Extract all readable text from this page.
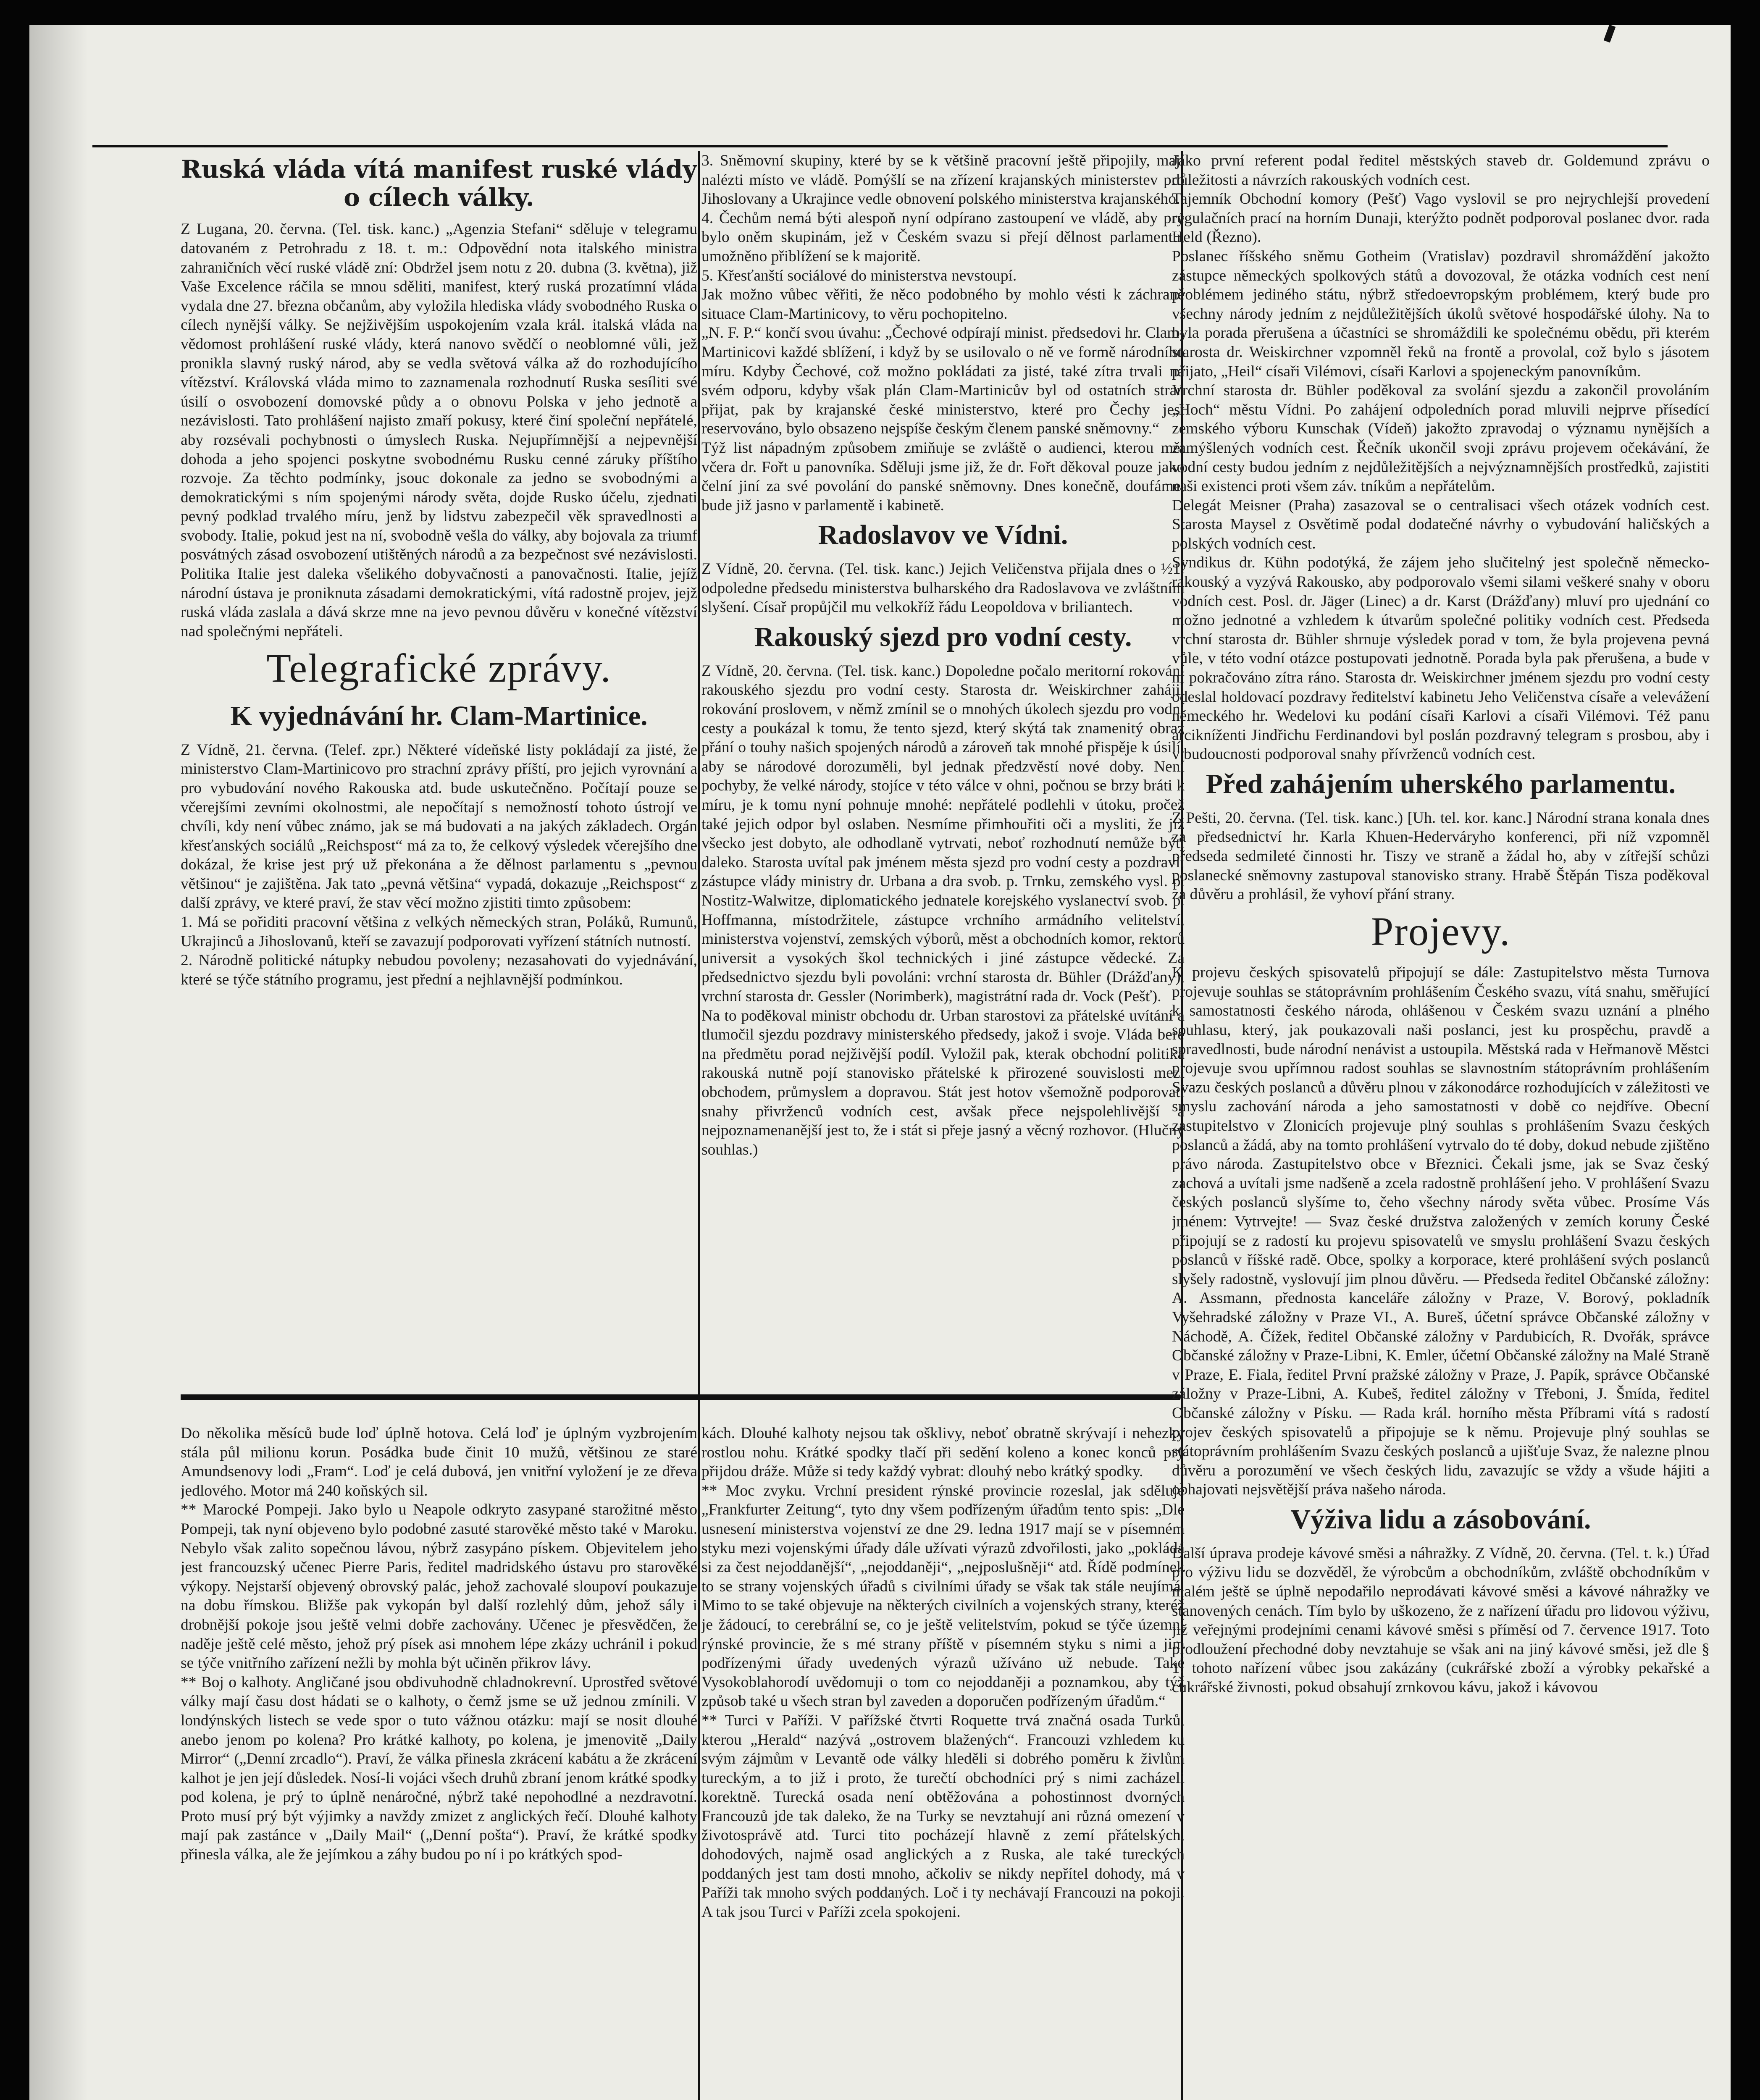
Ruská vláda vítá manifest ruské vlády o cílech války.

Z Lugana, 20. června. (Tel. tisk. kanc.) „Agenzia Stefani“ sděluje v telegramu datovaném z Petrohradu z 18. t. m.: Odpovědní nota italského ministra zahraničních věcí ruské vládě zní: Obdržel jsem notu z 20. dubna (3. května), již Vaše Excelence ráčila se mnou sděliti, manifest, který ruská prozatímní vláda vydala dne 27. března občanům, aby vyložila hlediska vlády svobodného Ruska o cílech nynější války. Se nejživějším uspokojením vzala král. italská vláda na vědomost prohlášení ruské vlády, která nanovo svědčí o neoblomné vůli, jež pronikla slavný ruský národ, aby se vedla světová válka až do rozhodujícího vítězství. Královská vláda mimo to zaznamenala rozhodnutí Ruska sesíliti své úsilí o osvobození domovské půdy a o obnovu Polska v jeho jednotě a nezávislosti. Tato prohlášení najisto zmaří pokusy, které činí společní nepřátelé, aby rozsévali pochybnosti o úmyslech Ruska. Nejupřímnější a nejpevnější dohoda a jeho spojenci poskytne svobodnému Rusku cenné záruky příštího rozvoje. Za těchto podmínky, jsouc dokonale za jedno se svobodnými a demokratickými s ním spojenými národy světa, dojde Rusko účelu, zjednati pevný podklad trvalého míru, jenž by lidstvu zabezpečil věk spravedlnosti a svobody. Italie, pokud jest na ní, svobodně vešla do války, aby bojovala za triumf posvátných zásad osvobození utištěných národů a za bezpečnost své nezávislosti. Politika Italie jest daleka všelikého dobyvačnosti a panovačnosti. Italie, jejíž národní ústava je proniknuta zásadami demokratickými, vítá radostně projev, jejž ruská vláda zaslala a dává skrze mne na jevo pevnou důvěru v konečné vítězství nad společnými nepřáteli.

Telegrafické zprávy.
K vyjednávání hr. Clam-Martinice.

Z Vídně, 21. června. (Telef. zpr.) Některé vídeňské listy pokládají za jisté, že ministerstvo Clam-Martinicovo pro strachní zprávy příští, pro jejich vyrovnání a pro vybudování nového Rakouska atd. bude uskutečněno. Počítají pouze se včerejšími zevními okolnostmi, ale nepočítají s nemožností tohoto ústrojí ve chvíli, kdy není vůbec známo, jak se má budovati a na jakých základech. Orgán křesťanských sociálů „Reichspost“ má za to, že celkový výsledek včerejšího dne dokázal, že krise jest prý už překonána a že dělnost parlamentu s „pevnou většinou“ je zajištěna. Jak tato „pevná většina“ vypadá, dokazuje „Reichspost“ z další zprávy, ve které praví, že stav věcí možno zjistiti timto způsobem:
1. Má se pořiditi pracovní většina z velkých německých stran, Poláků, Rumunů, Ukrajinců a Jihoslovanů, kteří se zavazují podporovati vyřízení státních nutností.
2. Národně politické nátupky nebudou povoleny; nezasahovati do vyjednávání, které se týče státního programu, jest přední a nejhlavnější podmínkou.

3. Sněmovní skupiny, které by se k většině pracovní ještě připojily, mají nalézti místo ve vládě. Pomýšlí se na zřízení krajanských ministerstev pro Jihoslovany a Ukrajince vedle obnovení polského ministerstva krajanského.
4. Čechům nemá býti alespoň nyní odpírano zastoupení ve vládě, aby prý bylo oněm skupinám, jež v Českém svazu si přejí dělnost parlamentu, umožněno přiblížení se k majoritě.
5. Křesťanští sociálové do ministerstva nevstoupí.
Jak možno vůbec věřiti, že něco podobného by mohlo vésti k záchraně situace Clam-Martinicovy, to věru pochopitelno.
„N. F. P.“ končí svou úvahu: „Čechové odpírají minist. předsedovi hr. Clam-Martinicovi každé sblížení, i když by se usilovalo o ně ve formě národního míru. Kdyby Čechové, což možno pokládati za jisté, také zítra trvali na svém odporu, kdyby však plán Clam-Martinicův byl od ostatních stran přijat, pak by krajanské české ministerstvo, které pro Čechy jest reservováno, bylo obsazeno nejspíše českým členem panské sněmovny.“
Týž list nápadným způsobem zmiňuje se zvláště o audienci, kterou měl včera dr. Fořt u panovníka. Sděluji jsme již, že dr. Fořt děkoval pouze jako čelní jiní za své povolání do panské sněmovny. Dnes konečně, doufáme, bude již jasno v parlamentě i kabinetě.

Radoslavov ve Vídni.

Z Vídně, 20. června. (Tel. tisk. kanc.) Jejich Veličenstva přijala dnes o ½1. odpoledne předsedu ministerstva bulharského dra Radoslavova ve zvláštním slyšení. Císař propůjčil mu velkokříž řádu Leopoldova v briliantech.

Rakouský sjezd pro vodní cesty.

Z Vídně, 20. června. (Tel. tisk. kanc.) Dopoledne počalo meritorní rokování rakouského sjezdu pro vodní cesty. Starosta dr. Weiskirchner zahájil rokování proslovem, v němž zmínil se o mnohých úkolech sjezdu pro vodní cesty a poukázal k tomu, že tento sjezd, který skýtá tak znamenitý obraz přání o touhy našich spojených národů a zároveň tak mnohé přispěje k úsilí, aby se národové dorozuměli, byl jednak předzvěstí nové doby. Není pochyby, že velké národy, stojíce v této válce v ohni, počnou se brzy bráti k míru, je k tomu nyní pohnuje mnohé: nepřátelé podlehli v útoku, pročež také jejich odpor byl oslaben. Nesmíme přimhouřiti oči a mysliti, že již všecko jest dobyto, ale odhodlaně vytrvati, neboť rozhodnutí nemůže býti daleko. Starosta uvítal pak jménem města sjezd pro vodní cesty a pozdravil zástupce vlády ministry dr. Urbana a dra svob. p. Trnku, zemského vysl. p. Nostitz-Walwitze, diplomatického jednatele korejského vyslanectví svob. p. Hoffmanna, místodržitele, zástupce vrchního armádního velitelství, ministerstva vojenství, zemských výborů, měst a obchodních komor, rektorů universit a vysokých škol technických i jiné zástupce vědecké. Za předsednictvo sjezdu byli povoláni: vrchní starosta dr. Bühler (Drážďany), vrchní starosta dr. Gessler (Norimberk), magistrátní rada dr. Vock (Pešť).
Na to poděkoval ministr obchodu dr. Urban starostovi za přátelské uvítání a tlumočil sjezdu pozdravy ministerského předsedy, jakož i svoje. Vláda bere na předmětu porad nejživější podíl. Vyložil pak, kterak obchodní politika rakouská nutně pojí stanovisko přátelské k přirozené souvislosti mezi obchodem, průmyslem a dopravou. Stát jest hotov všemožně podporovati snahy přivrženců vodních cest, avšak přece nejspolehlivější a nejpoznamenanější jest to, že i stát si přeje jasný a věcný rozhovor. (Hlučný souhlas.)

Jako první referent podal ředitel městských staveb dr. Goldemund zprávu o důležitosti a návrzích rakouských vodních cest.
Tajemník Obchodní komory (Pešť) Vago vyslovil se pro nejrychlejší provedení regulačních prací na horním Dunaji, kterýžto podnět podporoval poslanec dvor. rada Held (Řezno).
Poslanec říšského sněmu Gotheim (Vratislav) pozdravil shromáždění jakožto zástupce německých spolkových států a dovozoval, že otázka vodních cest není problémem jediného státu, nýbrž středoevropským problémem, který bude pro všechny národy jedním z nejdůležitějších úkolů světové hospodářské úlohy. Na to byla porada přerušena a účastníci se shromáždili ke společnému obědu, při kterém starosta dr. Weiskirchner vzpomněl řeků na frontě a provolal, což bylo s jásotem přijato, „Heil“ císaři Vilémovi, císaři Karlovi a spojeneckým panovníkům.
Vrchní starosta dr. Bühler poděkoval za svolání sjezdu a zakončil provoláním „Hoch“ městu Vídni. Po zahájení odpoledních porad mluvili nejprve přísedící zemského výboru Kunschak (Vídeň) jakožto zpravodaj o významu nynějších a zamýšlených vodních cest. Řečník ukončil svoji zprávu projevem očekávání, že vodní cesty budou jedním z nejdůležitějších a nejvýznamnějších prostředků, zajistiti naši existenci proti všem záv. tníkům a nepřátelům.
Delegát Meisner (Praha) zasazoval se o centralisaci všech otázek vodních cest. Starosta Maysel z Osvětimě podal dodatečné návrhy o vybudování haličských a polských vodních cest.
Syndikus dr. Kühn podotýká, že zájem jeho slučitelný jest společně německo-rakouský a vyzývá Rakousko, aby podporovalo všemi silami veškeré snahy v oboru vodních cest. Posl. dr. Jäger (Linec) a dr. Karst (Drážďany) mluví pro ujednání co možno jednotné a vzhledem k útvarům společné politiky vodních cest. Předseda vrchní starosta dr. Bühler shrnuje výsledek porad v tom, že byla projevena pevná vůle, v této vodní otázce postupovati jednotně. Porada byla pak přerušena, a bude v ní pokračováno zítra ráno. Starosta dr. Weiskirchner jménem sjezdu pro vodní cesty odeslal holdovací pozdravy ředitelství kabinetu Jeho Veličenstva císaře a velevážení německého hr. Wedelovi ku podání císaři Karlovi a císaři Vilémovi. Též panu arcikníženti Jindřichu Ferdinandovi byl poslán pozdravný telegram s prosbou, aby i v budoucnosti podporoval snahy přívrženců vodních cest.

Před zahájením uherského parlamentu.

Z Pešti, 20. června. (Tel. tisk. kanc.) [Uh. tel. kor. kanc.] Národní strana konala dnes za předsednictví hr. Karla Khuen-Hederváryho konferenci, při níž vzpomněl předseda sedmileté činnosti hr. Tiszy ve straně a žádal ho, aby v zítřejší schůzi poslanecké sněmovny zastupoval stanovisko strany. Hrabě Štěpán Tisza poděkoval za důvěru a prohlásil, že vyhoví přání strany.

Projevy.

K projevu českých spisovatelů připojují se dále: Zastupitelstvo města Turnova projevuje souhlas se státoprávním prohlášením Českého svazu, vítá snahu, směřující k samostatnosti českého národa, ohlášenou v Českém svazu uznání a plného souhlasu, který, jak poukazovali naši poslanci, jest ku prospěchu, pravdě a spravedlnosti, bude národní nenávist a ustoupila. Městská rada v Heřmanově Městci projevuje svou upřímnou radost souhlas se slavnostním státoprávním prohlášením Svazu českých poslanců a důvěru plnou v zákonodárce rozhodujících v záležitosti ve smyslu zachování národa a jeho samostatnosti v době co nejdříve. Obecní zastupitelstvo v Zlonicích projevuje plný souhlas s prohlášením Svazu českých poslanců a žádá, aby na tomto prohlášení vytrvalo do té doby, dokud nebude zjištěno právo národa. Zastupitelstvo obce v Březnici. Čekali jsme, jak se Svaz český zachová a uvítali jsme nadšeně a zcela radostně prohlášení jeho. V prohlášení Svazu českých poslanců slyšíme to, čeho všechny národy světa vůbec. Prosíme Vás jménem: Vytrvejte! — Svaz české družstva založených v zemích koruny České připojují se z radostí ku projevu spisovatelů ve smyslu prohlášení Svazu českých poslanců v říšské radě. Obce, spolky a korporace, které prohlášení svých poslanců slyšely radostně, vyslovují jim plnou důvěru. — Předseda ředitel Občanské záložny: A. Assmann, přednosta kanceláře záložny v Praze, V. Borový, pokladník Vyšehradské záložny v Praze VI., A. Bureš, účetní správce Občanské záložny v Náchodě, A. Čížek, ředitel Občanské záložny v Pardubicích, R. Dvořák, správce Občanské záložny v Praze-Libni, K. Emler, účetní Občanské záložny na Malé Straně v Praze, E. Fiala, ředitel První pražské záložny v Praze, J. Papík, správce Občanské záložny v Praze-Libni, A. Kubeš, ředitel záložny v Třeboni, J. Šmída, ředitel Občanské záložny v Písku. — Rada král. horního města Příbrami vítá s radostí projev českých spisovatelů a připojuje se k němu. Projevuje plný souhlas se státoprávním prohlášením Svazu českých poslanců a ujišťuje Svaz, že nalezne plnou důvěru a porozumění ve všech českých lidu, zavazujíc se vždy a všude hájiti a obhajovati nejsvětější práva našeho národa.

Výživa lidu a zásobování.

Další úprava prodeje kávové směsi a náhražky. Z Vídně, 20. června. (Tel. t. k.) Úřad pro výživu lidu se dozvěděl, že výrobcům a obchodníkům, zvláště obchodníkům v malém ještě se úplně nepodařilo neprodávati kávové směsi a kávové náhražky ve stanovených cenách. Tím bylo by uškozeno, že z nařízení úřadu pro lidovou výživu, již veřejnými prodejními cenami kávové směsi s příměsí od 7. července 1917. Toto prodloužení přechodné doby nevztahuje se však ani na jiný kávové směsi, jež dle § 1. tohoto nařízení vůbec jsou zakázány (cukrářské zboží a výrobky pekařské a cukrářské živnosti, pokud obsahují zrnkovou kávu, jakož i kávovou

Do několika měsíců bude loď úplně hotova. Celá loď je úplným vyzbrojením stála půl milionu korun. Posádka bude činit 10 mužů, většinou ze staré Amundsenovy lodi „Fram“. Loď je celá dubová, jen vnitřní vyložení je ze dřeva jedlového. Motor má 240 koňských sil.
** Marocké Pompeji. Jako bylo u Neapole odkryto zasypané starožitné město Pompeji, tak nyní objeveno bylo podobné zasuté starověké město také v Maroku. Nebylo však zalito sopečnou lávou, nýbrž zasypáno pískem. Objevitelem jeho jest francouzský učenec Pierre Paris, ředitel madridského ústavu pro starověké výkopy. Nejstarší objevený obrovský palác, jehož zachovalé sloupoví poukazuje na dobu římskou. Bližše pak vykopán byl další rozlehlý dům, jehož sály i drobnější pokoje jsou ještě velmi dobře zachovány. Učenec je přesvědčen, že naděje ještě celé město, jehož prý písek asi mnohem lépe zkázy uchránil i pokud se týče vnitřního zařízení nežli by mohla být učiněn přikrov lávy.
** Boj o kalhoty. Angličané jsou obdivuhodně chladnokrevní. Uprostřed světové války mají času dost hádati se o kalhoty, o čemž jsme se už jednou zmínili. V londýnských listech se vede spor o tuto vážnou otázku: mají se nosit dlouhé anebo jenom po kolena? Pro krátké kalhoty, po kolena, je jmenovitě „Daily Mirror“ („Denní zrcadlo“). Praví, že válka přinesla zkrácení kabátu a že zkrácení kalhot je jen její důsledek. Nosí-li vojáci všech druhů zbraní jenom krátké spodky pod kolena, je prý to úplně nenáročné, nýbrž také nepohodlné a nezdravotní. Proto musí prý být výjimky a navždy zmizet z anglických řečí. Dlouhé kalhoty mají pak zastánce v „Daily Mail“ („Denní pošta“). Praví, že krátké spodky přinesla válka, ale že jejímkou a záhy budou po ní i po krátkých spod-

kách. Dlouhé kalhoty nejsou tak ošklivy, neboť obratně skrývají i nehezky rostlou nohu. Krátké spodky tlačí při sedění koleno a konec konců prý přijdou dráže. Může si tedy každý vybrat: dlouhý nebo krátký spodky.
** Moc zvyku. Vrchní president rýnské provincie rozeslal, jak sděluje „Frankfurter Zeitung“, tyto dny všem podřízeným úřadům tento spis: „Dle usnesení ministerstva vojenství ze dne 29. ledna 1917 mají se v písemném styku mezi vojenskými úřady dále užívati výrazů zdvořilosti, jako „pokládá si za čest nejoddanější“, „nejoddaněji“, „nejposlušněji“ atd. Řídě podmínek to se strany vojenských úřadů s civilními úřady se však tak stále neujímá. Mimo to se také objevuje na některých civilních a vojenských strany, kteréž je žádoucí, to cerebrální se, co je ještě velitelstvím, pokud se týče územní rýnské provincie, že s mé strany příště v písemném styku s nimi a jim podřízenými úřady uvedených výrazů užíváno už nebude. Také Vysokoblahorodí uvědomuji o tom co nejoddaněji a poznamkou, aby týž způsob také u všech stran byl zaveden a doporučen podřízeným úřadům.“
** Turci v Paříži. V pařížské čtvrti Roquette trvá značná osada Turků, kterou „Herald“ nazývá „ostrovem blažených“. Francouzi vzhledem ku svým zájmům v Levantě ode války hleděli si dobrého poměru k živlům tureckým, a to již i proto, že turečtí obchodníci prý s nimi zacházeli korektně. Turecká osada není obtěžována a pohostinnost dvorných Francouzů jde tak daleko, že na Turky se nevztahují ani různá omezení v životosprávě atd. Turci tito pocházejí hlavně z zemí přátelských, dohodových, najmě osad anglických a z Ruska, ale také tureckých poddaných jest tam dosti mnoho, ačkoliv se nikdy nepřítel dohody, má v Paříži tak mnoho svých poddaných. Loč i ty nechávají Francouzi na pokoji. A tak jsou Turci v Paříži zcela spokojeni.
